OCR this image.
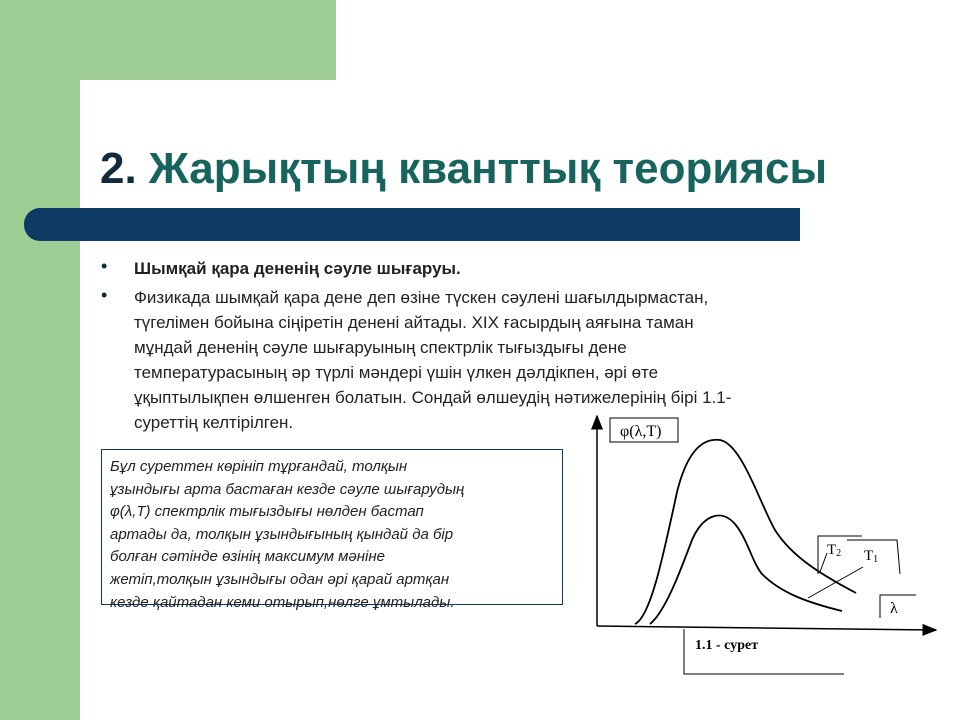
2. Жарықтың кванттық теориясы
•	Шымқай қара дененің сәуле шығаруы.
•	Физикада шымқай қара дене деп өзіне түскен сәулені шағылдырмастан,
түгелімен бойына сіңіретін денені айтады. XIX ғасырдың аяғына таман
мұндай дененің сәуле шығаруының спектрлік тығыздығы дене
температурасының әр түрлі мәндері үшін үлкен дәлдікпен, әрі өте
ұқыптылықпен өлшенген болатын. Сондай өлшеудің нәтижелерінің бірі 1.1-
суреттің келтірілген.
Бұл суреттен көрініп тұрғандай, толқын
ұзындығы арта бастаған кезде сәуле шығарудың
φ(λ,T) спектрлік тығыздығы нөлден бастап
артады да, толқын ұзындығының қындай да бір
болған сәтінде өзінің максимум мәніне
жетіп,толқын ұзындығы одан әрі қарай артқан
кезде қайтадан кеми отырып,нөлге ұмтылады.
φ(λ,T)
T2 T1
λ
1.1 - сурет
